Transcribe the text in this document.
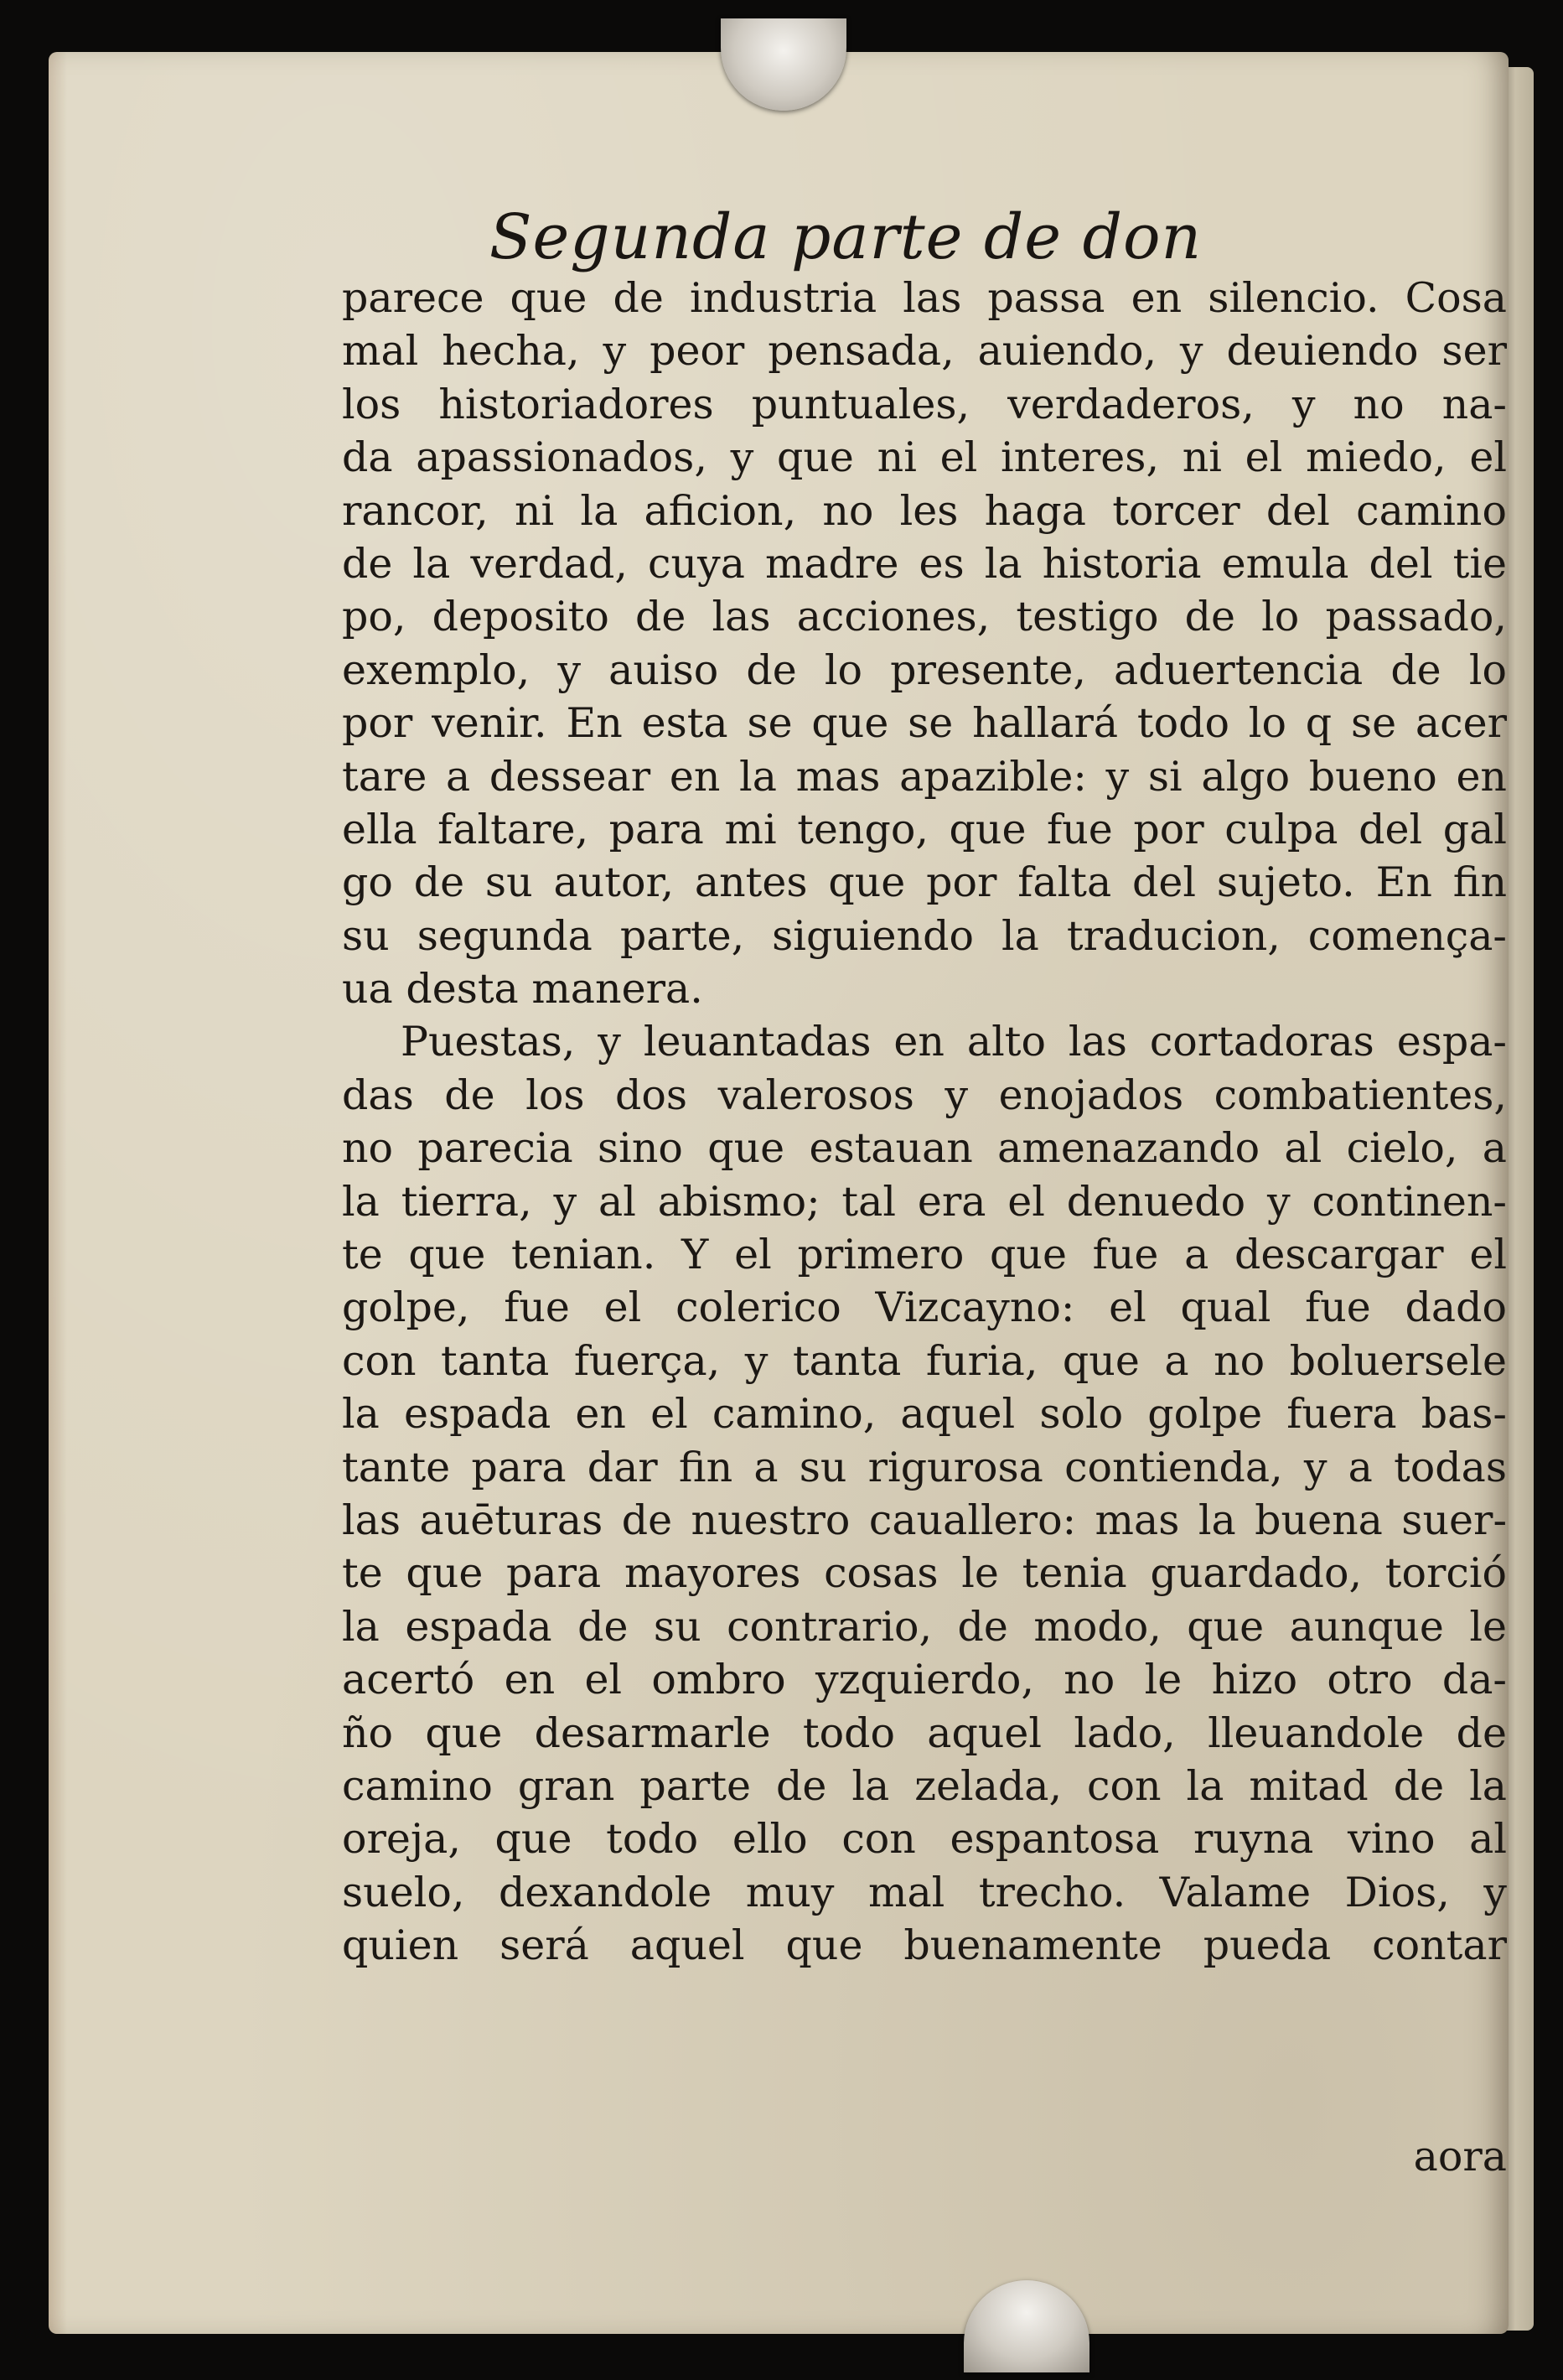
Segunda parte de don
parece que de industria las passa en silencio. Cosa
mal hecha, y peor pensada, auiendo, y deuiendo ser
los historiadores puntuales, verdaderos, y no na-
da apassionados, y que ni el interes, ni el miedo, el
rancor, ni la aficion, no les haga torcer del camino
de la verdad, cuya madre es la historia emula del tie
po, deposito de las acciones, testigo de lo passado,
exemplo, y auiso de lo presente, aduertencia de lo
por venir. En esta se que se hallará todo lo q se acer
tare a dessear en la mas apazible: y si algo bueno en
ella faltare, para mi tengo, que fue por culpa del gal
go de su autor, antes que por falta del sujeto. En fin
su segunda parte, siguiendo la traducion, comença-
ua desta manera.
Puestas, y leuantadas en alto las cortadoras espa-
das de los dos valerosos y enojados combatientes,
no parecia sino que estauan amenazando al cielo, a
la tierra, y al abismo; tal era el denuedo y continen-
te que tenian. Y el primero que fue a descargar el
golpe, fue el colerico Vizcayno: el qual fue dado
con tanta fuerça, y tanta furia, que a no boluersele
la espada en el camino, aquel solo golpe fuera bas-
tante para dar fin a su rigurosa contienda, y a todas
las auēturas de nuestro cauallero: mas la buena suer-
te que para mayores cosas le tenia guardado, torció
la espada de su contrario, de modo, que aunque le
acertó en el ombro yzquierdo, no le hizo otro da-
ño que desarmarle todo aquel lado, lleuandole de
camino gran parte de la zelada, con la mitad de la
oreja, que todo ello con espantosa ruyna vino al
suelo, dexandole muy mal trecho. Valame Dios, y
quien será aquel que buenamente pueda contar
aora
